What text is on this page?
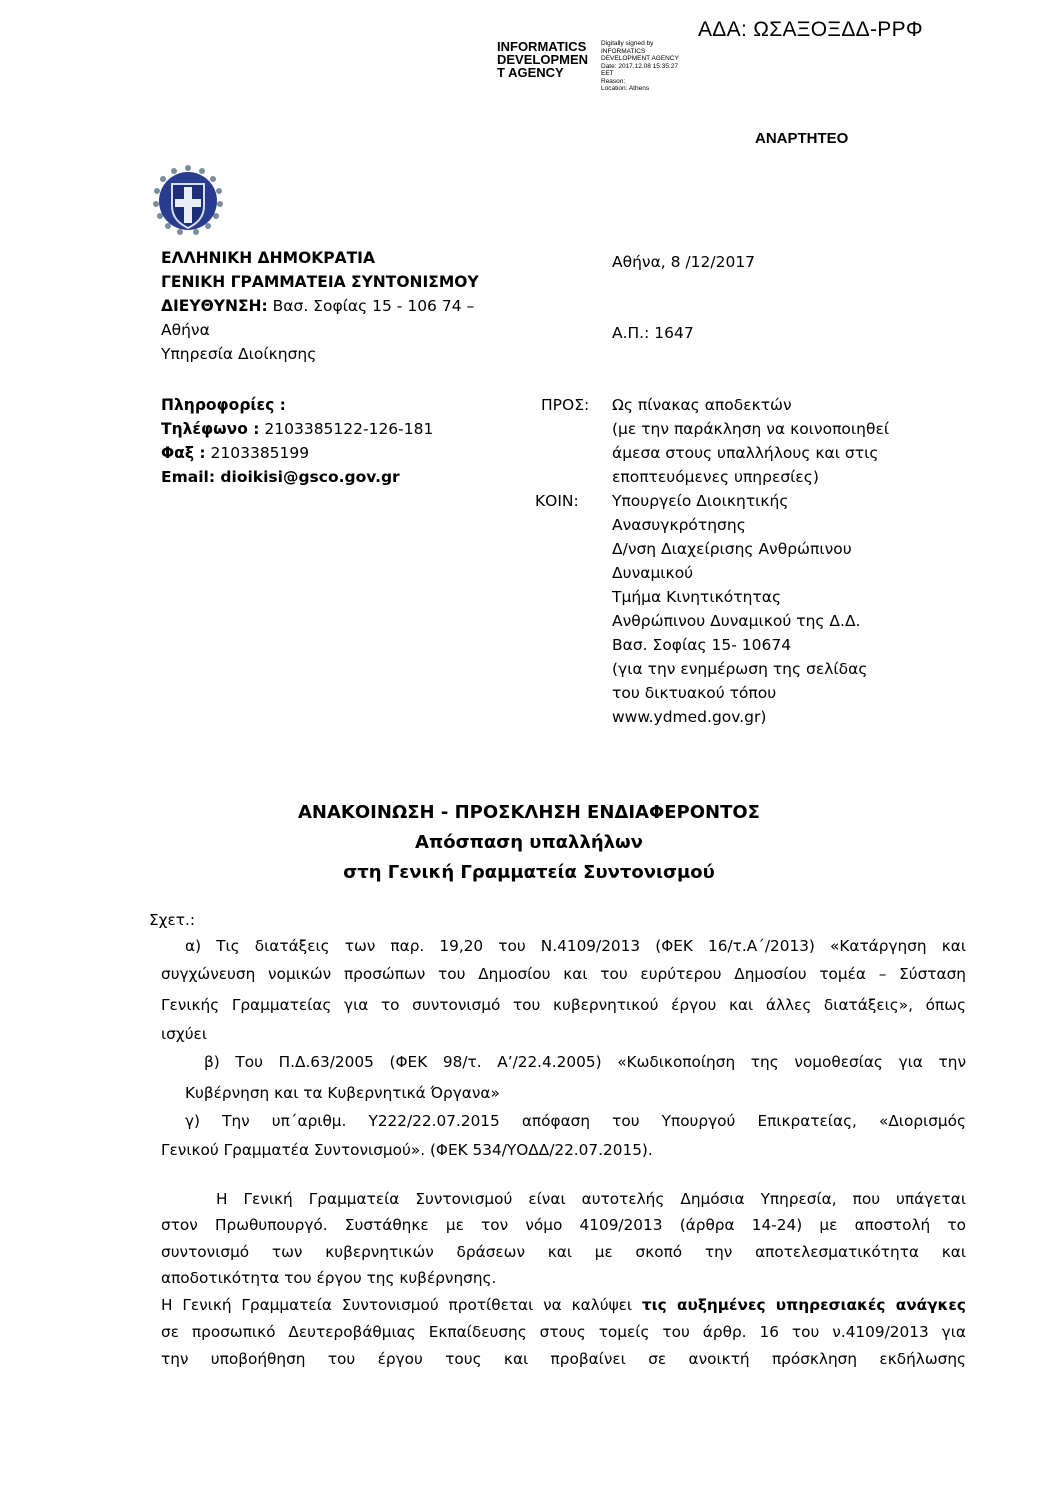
ΑΔΑ: ΩΣΑΞΟΞΔΔ-ΡΡΦ
INFORMATICS
DEVELOPMEN
T AGENCY
Digitally signed by
INFORMATICS
DEVELOPMENT AGENCY
Date: 2017.12.08 15:35:27
EET
Reason:
Location: Athens
ΑΝΑΡΤΗΤΕΟ
ΕΛΛΗΝΙΚΗ ΔΗΜΟΚΡΑΤΙΑ
ΓΕΝΙΚΗ ΓΡΑΜΜΑΤΕΙΑ ΣΥΝΤΟΝΙΣΜΟΥ
ΔΙΕΥΘΥΝΣΗ: Βασ. Σοφίας 15 - 106 74 –
Αθήνα
Υπηρεσία Διοίκησης
Αθήνα, 8 /12/2017
Α.Π.: 1647
Πληροφορίες :
Τηλέφωνο : 2103385122-126-181
Φαξ : 2103385199
Email: dioikisi@gsco.gov.gr
ΠΡΟΣ:
ΚΟΙΝ:
Ως πίνακας αποδεκτών
(με την παράκληση να κοινοποιηθεί
άμεσα στους υπαλλήλους και στις
εποπτευόμενες υπηρεσίες)
Υπουργείο Διοικητικής
Ανασυγκρότησης
Δ/νση Διαχείρισης Ανθρώπινου
Δυναμικού
Τμήμα Κινητικότητας
Ανθρώπινου Δυναμικού της Δ.Δ.
Βασ. Σοφίας 15- 10674
(για την ενημέρωση της σελίδας
του δικτυακού τόπου
www.ydmed.gov.gr)
ΑΝΑΚΟΙΝΩΣΗ - ΠΡΟΣΚΛΗΣΗ ΕΝΔΙΑΦΕΡΟΝΤΟΣ
Απόσπαση υπαλλήλων
στη Γενική Γραμματεία Συντονισμού
Σχετ.:
α) Τις διατάξεις των παρ. 19,20 του Ν.4109/2013 (ΦΕΚ 16/τ.Α΄/2013) «Κατάργηση και
συγχώνευση νομικών προσώπων του Δημοσίου και του ευρύτερου Δημοσίου τομέα – Σύσταση
Γενικής Γραμματείας για το συντονισμό του κυβερνητικού έργου και άλλες διατάξεις», όπως
ισχύει
β) Του Π.Δ.63/2005 (ΦΕΚ 98/τ. Α’/22.4.2005) «Κωδικοποίηση της νομοθεσίας για την
Κυβέρνηση και τα Κυβερνητικά Όργανα»
γ) Την υπ΄αριθμ. Υ222/22.07.2015 απόφαση του Υπουργού Επικρατείας, «Διορισμός
Γενικού Γραμματέα Συντονισμού». (ΦΕΚ 534/ΥΟΔΔ/22.07.2015).
Η Γενική Γραμματεία Συντονισμού είναι αυτοτελής Δημόσια Υπηρεσία, που υπάγεται
στον Πρωθυπουργό. Συστάθηκε με τον νόμο 4109/2013 (άρθρα 14-24) με αποστολή το
συντονισμό των κυβερνητικών δράσεων και με σκοπό την αποτελεσματικότητα και
αποδοτικότητα του έργου της κυβέρνησης.
Η Γενική Γραμματεία Συντονισμού προτίθεται να καλύψει τις αυξημένες υπηρεσιακές ανάγκες
σε προσωπικό Δευτεροβάθμιας Εκπαίδευσης στους τομείς του άρθρ. 16 του ν.4109/2013 για
την υποβοήθηση του έργου τους και προβαίνει σε ανοικτή πρόσκληση εκδήλωσης
